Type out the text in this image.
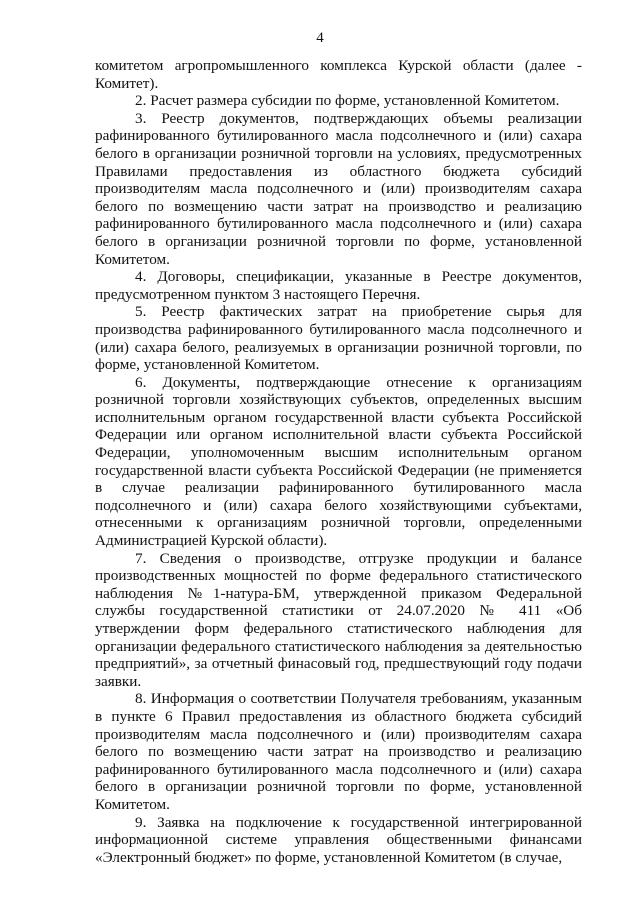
4

комитетом агропромышленного комплекса Курской области (далее - Комитет).

2. Расчет размера субсидии по форме, установленной Комитетом.

3. Реестр документов, подтверждающих объемы реализации рафинированного бутилированного масла подсолнечного и (или) сахара белого в организации розничной торговли на условиях, предусмотренных Правилами предоставления из областного бюджета субсидий производителям масла подсолнечного и (или) производителям сахара белого по возмещению части затрат на производство и реализацию рафинированного бутилированного масла подсолнечного и (или) сахара белого в организации розничной торговли по форме, установленной Комитетом.

4. Договоры, спецификации, указанные в Реестре документов, предусмотренном пунктом 3 настоящего Перечня.

5. Реестр фактических затрат на приобретение сырья для производства рафинированного бутилированного масла подсолнечного и (или) сахара белого, реализуемых в организации розничной торговли, по форме, установленной Комитетом.

6. Документы, подтверждающие отнесение к организациям розничной торговли хозяйствующих субъектов, определенных высшим исполнительным органом государственной власти субъекта Российской Федерации или органом исполнительной власти субъекта Российской Федерации, уполномоченным высшим исполнительным органом государственной власти субъекта Российской Федерации (не применяется в случае реализации рафинированного бутилированного масла подсолнечного и (или) сахара белого хозяйствующими субъектами, отнесенными к организациям розничной торговли, определенными Администрацией Курской области).

7. Сведения о производстве, отгрузке продукции и балансе производственных мощностей по форме федерального статистического наблюдения №1-натура-БМ, утвержденной приказом Федеральной службы государственной статистики от 24.07.2020 № 411 «Об утверждении форм федерального статистического наблюдения для организации федерального статистического наблюдения за деятельностью предприятий», за отчетный финасовый год, предшествующий году подачи заявки.

8. Информация о соответствии Получателя требованиям, указанным в пункте 6 Правил предоставления из областного бюджета субсидий производителям масла подсолнечного и (или) производителям сахара белого по возмещению части затрат на производство и реализацию рафинированного бутилированного масла подсолнечного и (или) сахара белого в организации розничной торговли по форме, установленной Комитетом.

9. Заявка на подключение к государственной интегрированной информационной системе управления общественными финансами «Электронный бюджет» по форме, установленной Комитетом (в случае,
